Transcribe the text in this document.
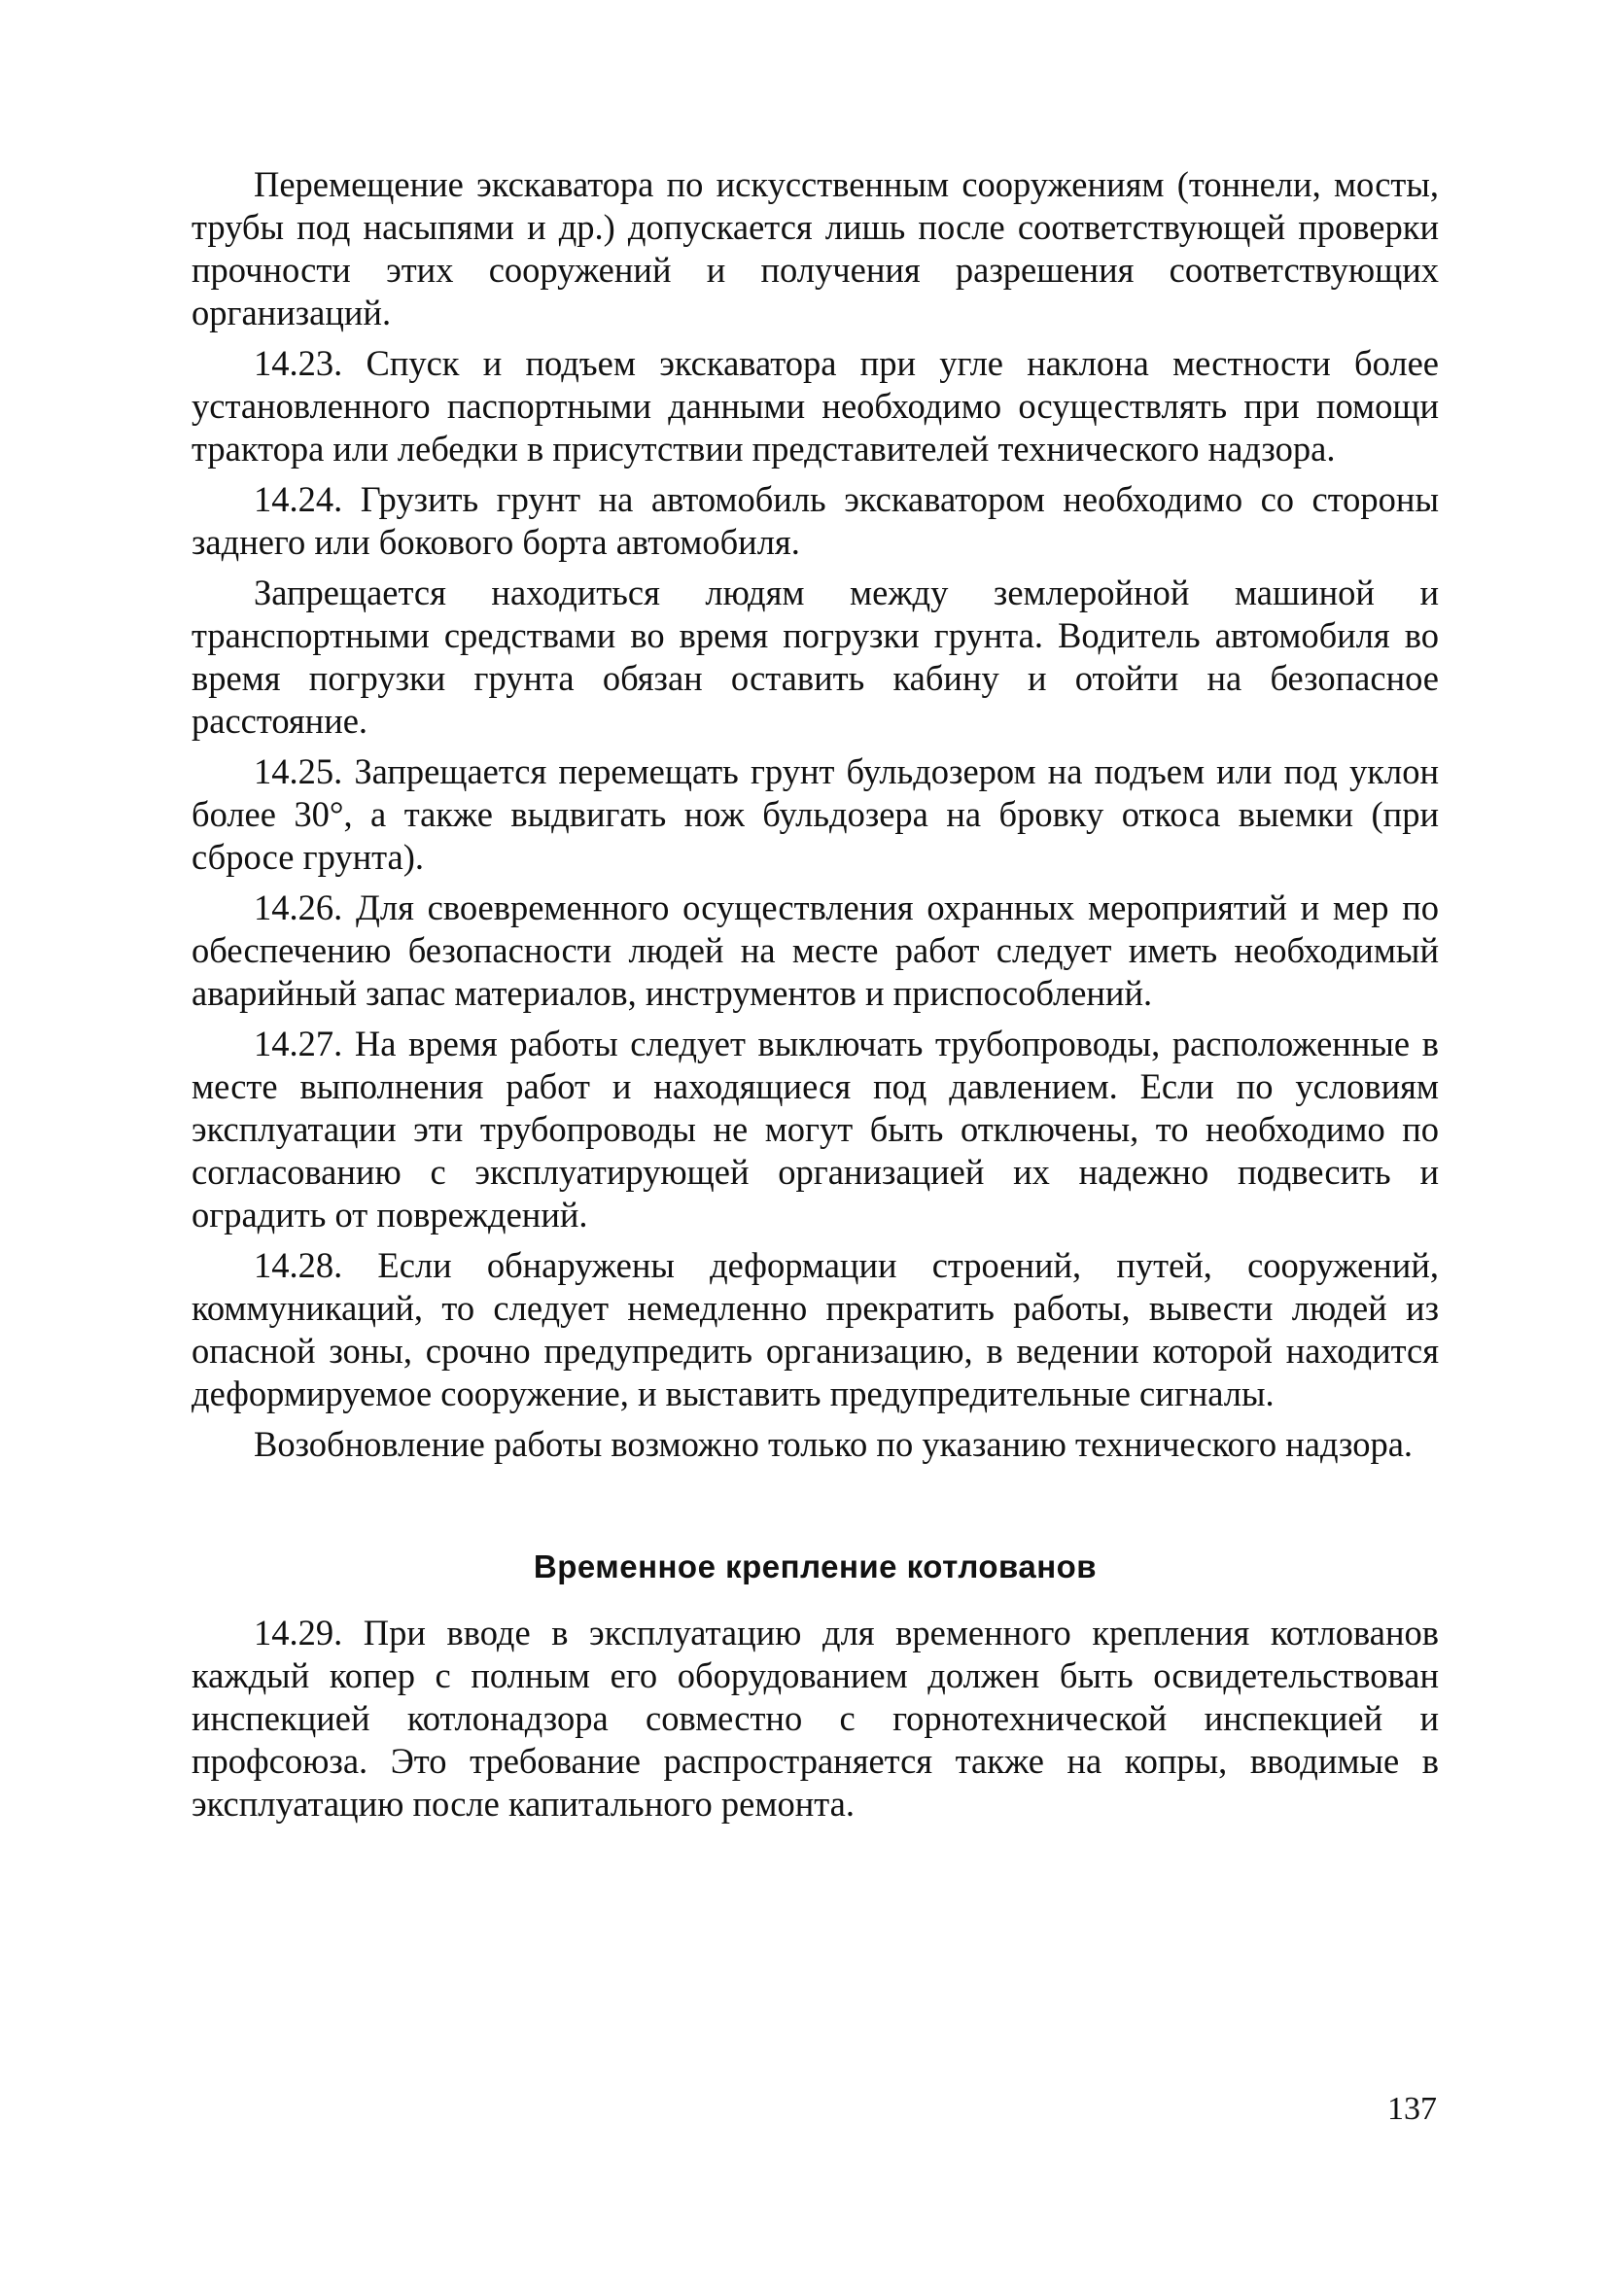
Перемещение экскаватора по искусственным сооружениям (тоннели, мосты, трубы под насыпями и др.) допускается лишь после соответствующей проверки прочности этих сооружений и получения разрешения соответствующих организаций.

14.23. Спуск и подъем экскаватора при угле наклона местности более установленного паспортными данными необходимо осуществлять при помощи трактора или лебедки в присутствии представителей технического надзора.

14.24. Грузить грунт на автомобиль экскаватором необходимо со стороны заднего или бокового борта автомобиля.

Запрещается находиться людям между землеройной машиной и транспортными средствами во время погрузки грунта. Водитель автомобиля во время погрузки грунта обязан оставить кабину и отойти на безопасное расстояние.

14.25. Запрещается перемещать грунт бульдозером на подъем или под уклон более 30°, а также выдвигать нож бульдозера на бровку откоса выемки (при сбросе грунта).

14.26. Для своевременного осуществления охранных мероприятий и мер по обеспечению безопасности людей на месте работ следует иметь необходимый аварийный запас материалов, инструментов и приспособлений.

14.27. На время работы следует выключать трубопроводы, расположенные в месте выполнения работ и находящиеся под давлением. Если по условиям эксплуатации эти трубопроводы не могут быть отключены, то необходимо по согласованию с эксплуатирующей организацией их надежно подвесить и оградить от повреждений.

14.28. Если обнаружены деформации строений, путей, сооружений, коммуникаций, то следует немедленно прекратить работы, вывести людей из опасной зоны, срочно предупредить организацию, в ведении которой находится деформируемое сооружение, и выставить предупредительные сигналы.

Возобновление работы возможно только по указанию технического надзора.

Временное крепление котлованов

14.29. При вводе в эксплуатацию для временного крепления котлованов каждый копер с полным его оборудованием должен быть освидетельствован инспекцией котлонадзора совместно с горнотехнической инспекцией и профсоюза. Это требование распространяется также на копры, вводимые в эксплуатацию после капитального ремонта.

137
